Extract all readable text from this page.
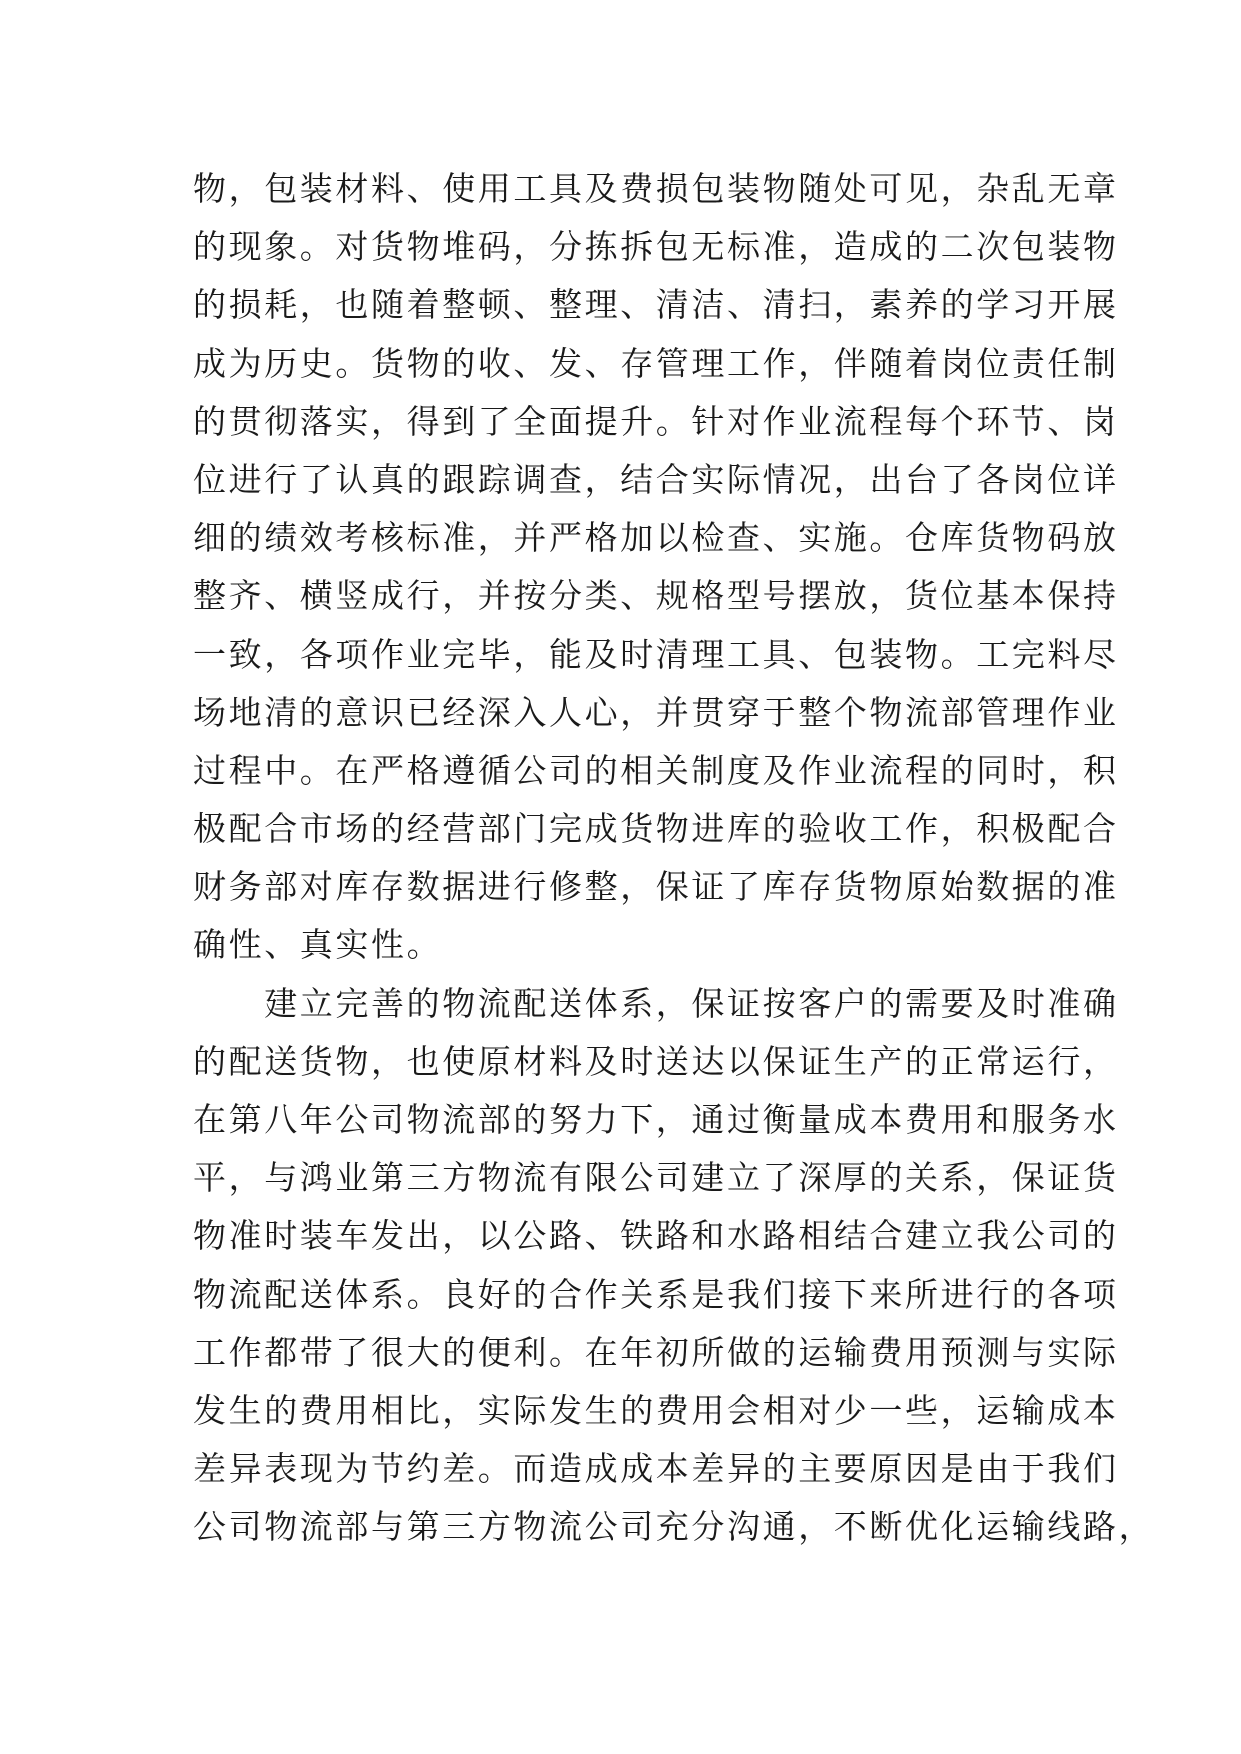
物，包装材料、使用工具及费损包装物随处可见，杂乱无章
的现象。对货物堆码，分拣拆包无标准，造成的二次包装物
的损耗，也随着整顿、整理、清洁、清扫，素养的学习开展
成为历史。货物的收、发、存管理工作，伴随着岗位责任制
的贯彻落实，得到了全面提升。针对作业流程每个环节、岗
位进行了认真的跟踪调查，结合实际情况，出台了各岗位详
细的绩效考核标准，并严格加以检查、实施。仓库货物码放
整齐、横竖成行，并按分类、规格型号摆放，货位基本保持
一致，各项作业完毕，能及时清理工具、包装物。工完料尽
场地清的意识已经深入人心，并贯穿于整个物流部管理作业
过程中。在严格遵循公司的相关制度及作业流程的同时，积
极配合市场的经营部门完成货物进库的验收工作，积极配合
财务部对库存数据进行修整，保证了库存货物原始数据的准
确性、真实性。
　　建立完善的物流配送体系，保证按客户的需要及时准确
的配送货物，也使原材料及时送达以保证生产的正常运行，
在第八年公司物流部的努力下，通过衡量成本费用和服务水
平，与鸿业第三方物流有限公司建立了深厚的关系，保证货
物准时装车发出，以公路、铁路和水路相结合建立我公司的
物流配送体系。良好的合作关系是我们接下来所进行的各项
工作都带了很大的便利。在年初所做的运输费用预测与实际
发生的费用相比，实际发生的费用会相对少一些，运输成本
差异表现为节约差。而造成成本差异的主要原因是由于我们
公司物流部与第三方物流公司充分沟通，不断优化运输线路，
